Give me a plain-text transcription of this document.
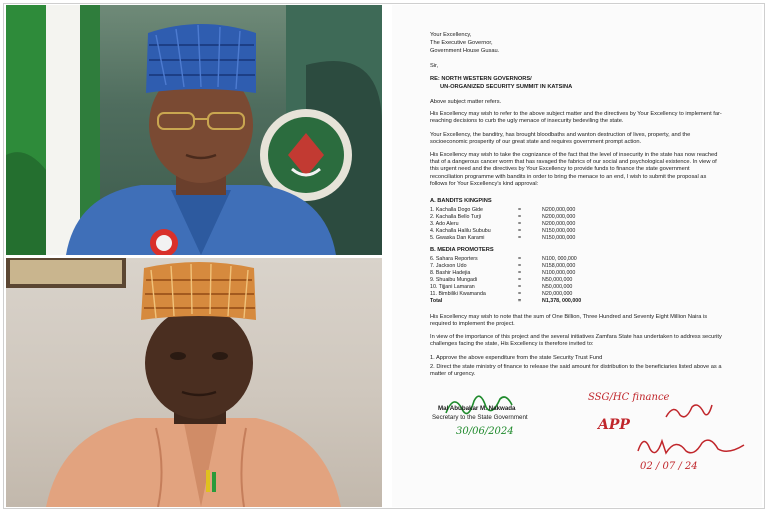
Your Excellency,
The Executive Governor,
Government House Gusau.
Sir,
RE: NORTH WESTERN GOVERNORS/
UN-ORGANIZED SECURITY SUMMIT IN KATSINA
Above subject matter refers.
His Excellency may wish to refer to the above subject matter and the directives by Your Excellency to implement far-reaching decisions to curb the ugly menace of insecurity bedeviling the state.
Your Excellency, the banditry, has brought bloodbaths and wanton destruction of lives, property, and the socioeconomic prosperity of our great state and requires government prompt action.
His Excellency may wish to take the cognizance of the fact that the level of insecurity in the state has now reached that of a dangerous cancer worm that has ravaged the fabrics of our social and psychological existence. In view of this urgent need and the directives by Your Excellency to provide funds to finance the state government reconciliation programme with bandits in order to bring the menace to an end, I wish to submit the proposal as follows for Your Excellency's kind approval:
A. BANDITS KINGPINS
1. Kachalla Dogo Gide	=	N200,000,000
2. Kachalla Bello Turji	=	N200,000,000
3. Ado Aleru	=	N200,000,000
4. Kachalla Halilu Sububu	=	N150,000,000
5. Gwaska Dan Karami	=	N150,000,000
B. MEDIA PROMOTERS
6. Sahara Reporters	=	N100, 000,000
7. Jackson Udo	=	N158,000,000
8. Bashir Hadejia	=	N100,000,000
9. Shuaibu Mungadi	=	N50,000,000
10. Tijjani Lamaran	=	N50,000,000
11. Bimbiliki Kwamanda	=	N20,000,000
Total	=	N1,378, 000,000
His Excellency may wish to note that the sum of One Billion, Three Hundred and Seventy Eight Million Naira is required to implement the project.
In view of the importance of this project and the several initiatives Zamfara State has undertaken to address security challenges facing the state, His Excellency is therefore invited to:
1. Approve the above expenditure from the state Security Trust Fund
2. Direct the state ministry of finance to release the said amount for distribution to the beneficiaries listed above as a matter of urgency.
Mal Abubakar M. Nakwada
Secretary to the State Government
30/06/2024
SSG/HC finance
APP
02 / 07 / 24
